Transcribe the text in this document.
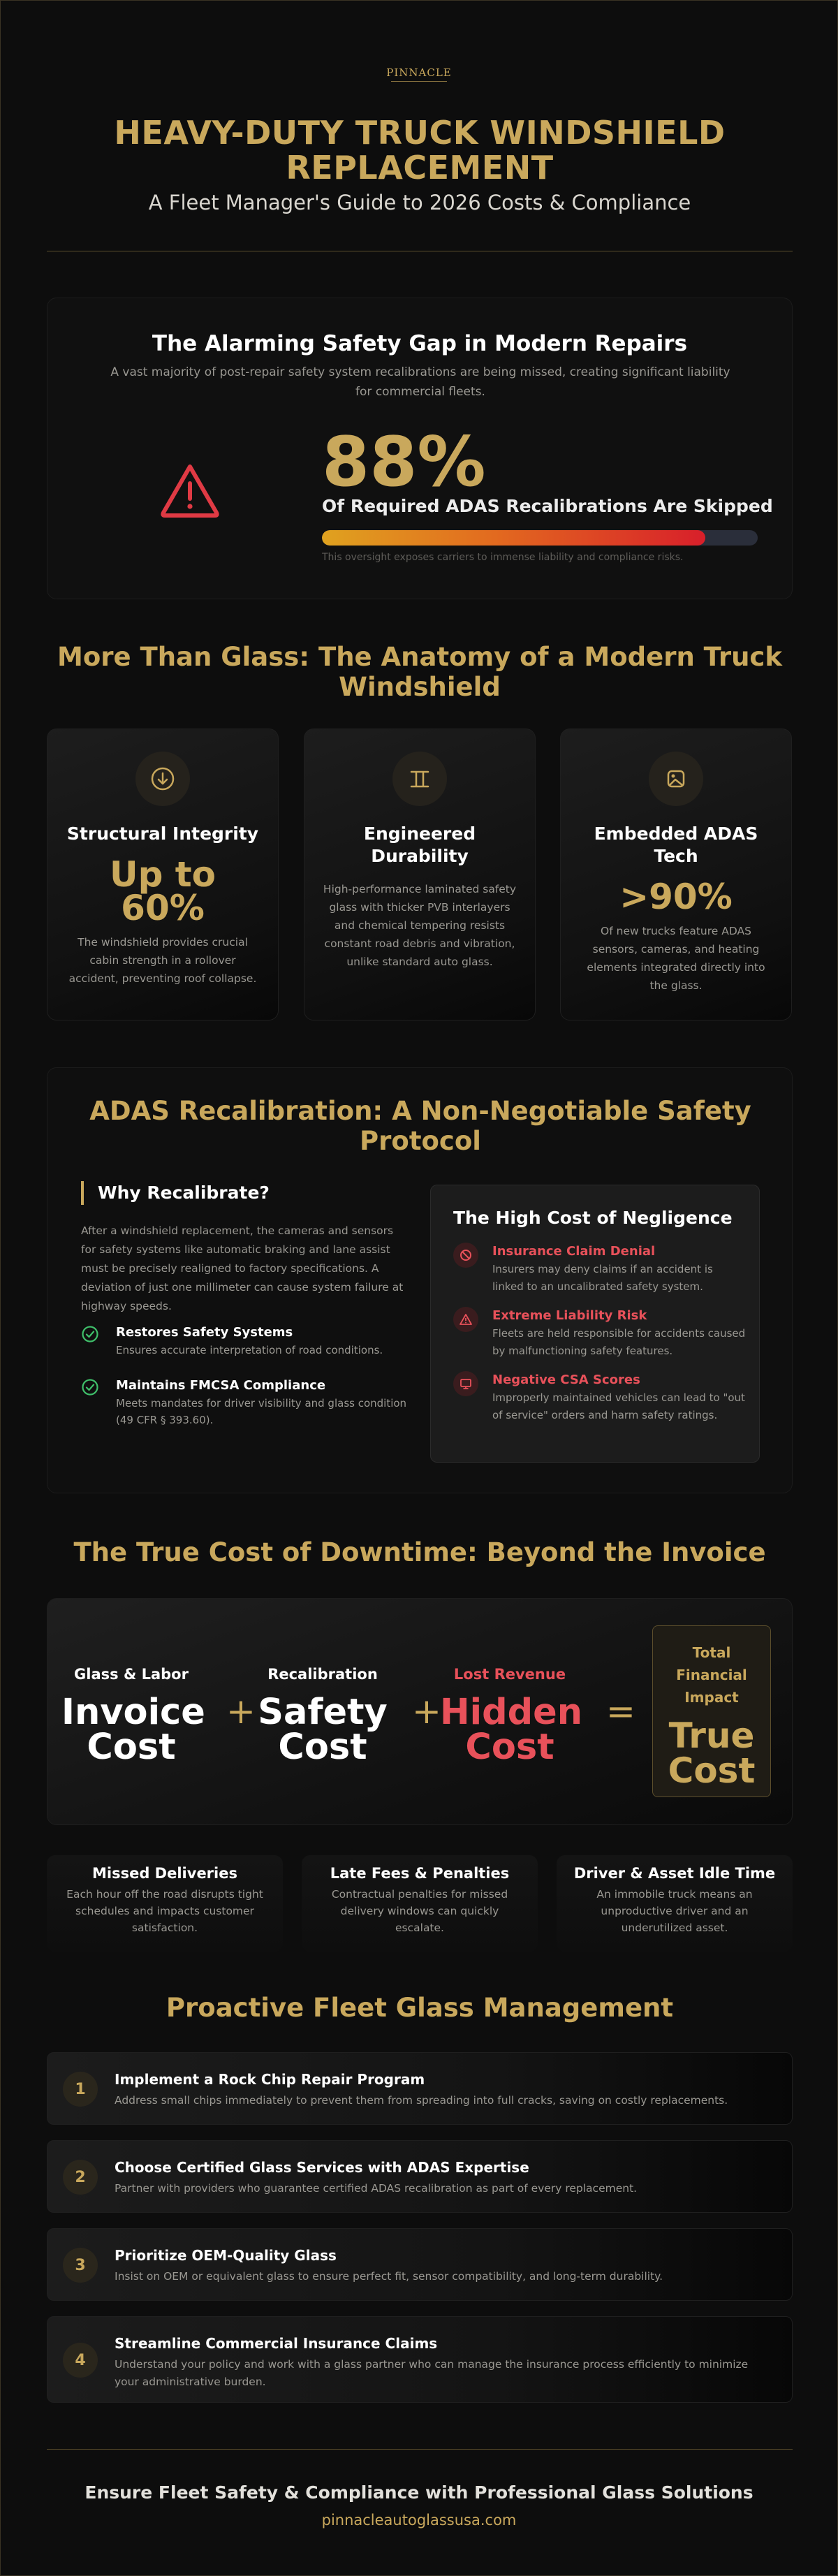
PINNACLE
HEAVY-DUTY TRUCK WINDSHIELD REPLACEMENT
A Fleet Manager's Guide to 2026 Costs & Compliance
The Alarming Safety Gap in Modern Repairs

A vast majority of post-repair safety system recalibrations are being missed, creating significant liability for commercial fleets.

88%
Of Required ADAS Recalibrations Are Skipped
This oversight exposes carriers to immense liability and compliance risks.
More Than Glass: The Anatomy of a Modern Truck Windshield
Structural Integrity
Up to
60%

The windshield provides crucial cabin strength in a rollover accident, preventing roof collapse.

Engineered Durability

High-performance laminated safety glass with thicker PVB interlayers and chemical tempering resists constant road debris and vibration, unlike standard auto glass.

Embedded ADAS Tech
>90%

Of new trucks feature ADAS sensors, cameras, and heating elements integrated directly into the glass.

ADAS Recalibration: A Non-Negotiable Safety Protocol
Why Recalibrate?

After a windshield replacement, the cameras and sensors for safety systems like automatic braking and lane assist must be precisely realigned to factory specifications. A deviation of just one millimeter can cause system failure at highway speeds.

Restores Safety Systems

Ensures accurate interpretation of road conditions.

Maintains FMCSA Compliance

Meets mandates for driver visibility and glass condition (49 CFR § 393.60).

The High Cost of Negligence
Insurance Claim Denial

Insurers may deny claims if an accident is linked to an uncalibrated safety system.

Extreme Liability Risk

Fleets are held responsible for accidents caused by malfunctioning safety features.

Negative CSA Scores

Improperly maintained vehicles can lead to "out of service" orders and harm safety ratings.

The True Cost of Downtime: Beyond the Invoice
Glass & Labor
Invoice
Cost
+
Recalibration
Safety
Cost
+
Lost Revenue
Hidden
Cost
=
Total
Financial
Impact
True
Cost
Missed Deliveries

Each hour off the road disrupts tight schedules and impacts customer satisfaction.

Late Fees & Penalties

Contractual penalties for missed delivery windows can quickly escalate.

Driver & Asset Idle Time

An immobile truck means an unproductive driver and an underutilized asset.

Proactive Fleet Glass Management
1
Implement a Rock Chip Repair Program

Address small chips immediately to prevent them from spreading into full cracks, saving on costly replacements.

2
Choose Certified Glass Services with ADAS Expertise

Partner with providers who guarantee certified ADAS recalibration as part of every replacement.

3
Prioritize OEM-Quality Glass

Insist on OEM or equivalent glass to ensure perfect fit, sensor compatibility, and long-term durability.

4
Streamline Commercial Insurance Claims

Understand your policy and work with a glass partner who can manage the insurance process efficiently to minimize your administrative burden.

Ensure Fleet Safety & Compliance with Professional Glass Solutions
pinnacleautoglassusa.com
